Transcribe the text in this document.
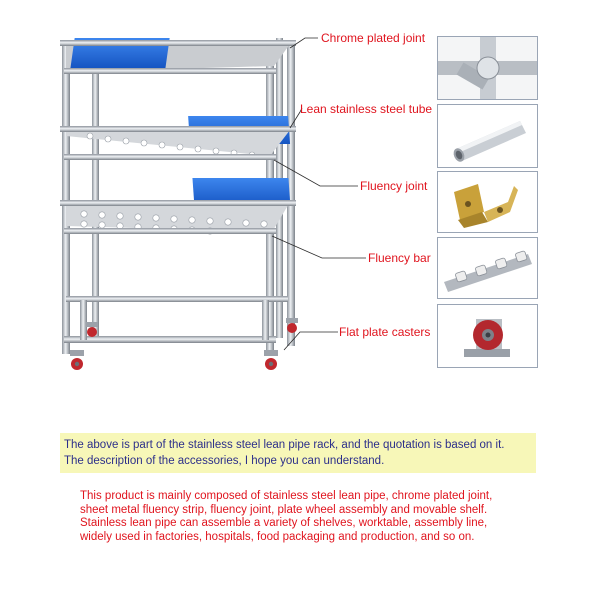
Chrome plated joint
Lean stainless steel tube
Fluency joint
Fluency bar
Flat plate casters

The above is part of the stainless steel lean pipe rack, and the quotation is based on it.

The description of the accessories, I hope you can understand.

This product is mainly composed of stainless steel lean pipe, chrome plated joint,
sheet metal fluency strip, fluency joint, plate wheel assembly and movable shelf.
Stainless lean pipe can assemble a variety of shelves, worktable, assembly line,
widely used in factories, hospitals, food packaging and production, and so on.
